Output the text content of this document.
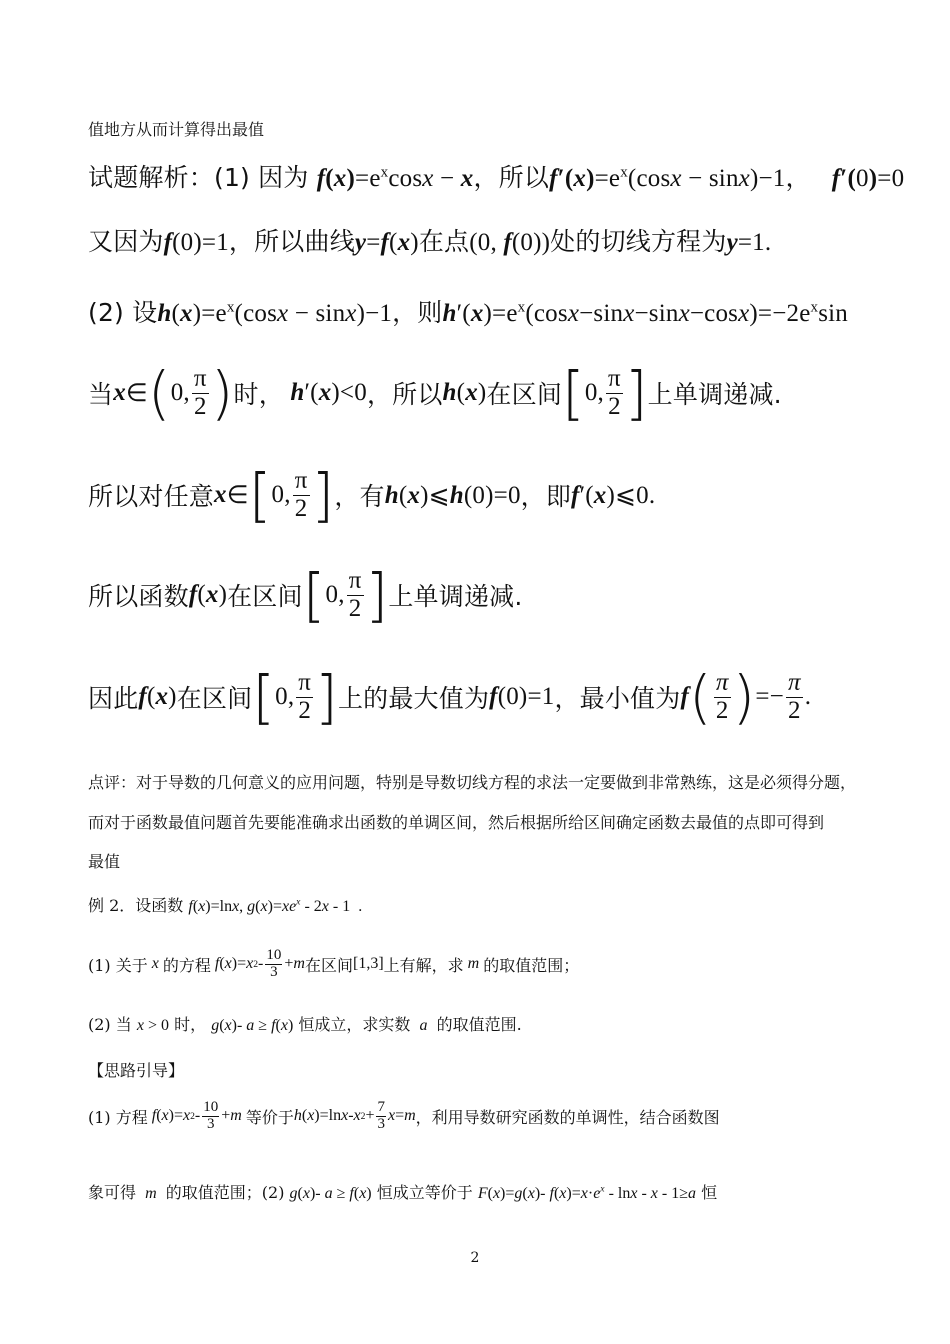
值地方从而计算得出最值
试题解析：(1) 因为 $f(x)=e^x\cos x - x$，所以$f'(x)=e^x(\cos x - \sin x)-1$， f′(0)=0
又因为f(0)=1，所以曲线y=f(x)在点(0, f(0))处的切线方程为y=1.
(2) 设$h(x)=e^x(\cos x - \sin x)-1$，则$h'(x)=e^x(\cos x-\sin x-\sin x-\cos x)=-2e^x\sin$
当 x ∈ ( 0, $\frac{\pi}{2}$ ) 时， h′(x)<0 ，所以 h(x) 在区间 [ 0, $\frac{\pi}{2}$ ] 上单调递减.
所以对任意 x ∈ [ 0, $\frac{\pi}{2}$ ] ，有 h(x)⩽h(0)=0 ，即 f′(x)⩽0.
所以函数 f(x) 在区间 [ 0, $\frac{\pi}{2}$ ] 上单调递减.
因此 f(x) 在区间 [ 0, $\frac{\pi}{2}$ ] 上的最大值为 f(0)=1 ，最小值为 f ( $\frac{\pi}{2}$ ) =− $\frac{\pi}{2}$ .
点评：对于导数的几何意义的应用问题，特别是导数切线方程的求法一定要做到非常熟练，这是必须得分题，
而对于函数最值问题首先要能准确求出函数的单调区间，然后根据所给区间确定函数去最值的点即可得到
最值
例 2．设函数 f(x)=lnx, $g(x)=xe^x - 2x - 1$  .
(1) 关于 x 的方程
f ( x )= x $2 - \frac{10}{3} + m$ 在区间 [1,3] 上有解，求 m 的取值范围；
(2) 当 x > 0 时， g(x)- a ≥ f(x) 恒成立，求实数  a  的取值范围.
【思路引导】
(1) 方程
f ( x )= x $2 - \frac{10}{3} + m$
等价于 h ( x )=ln x - x $2 + \frac{7}{3}$ x = m ，利用导数研究函数的单调性，结合函数图
象可得  m  的取值范围；(2) g(x)- a ≥ f(x) 恒成立等价于 F(x)=g(x)- $f(x)=x\cdot e^x - \ln x - x - 1\ge a$ 恒
2
